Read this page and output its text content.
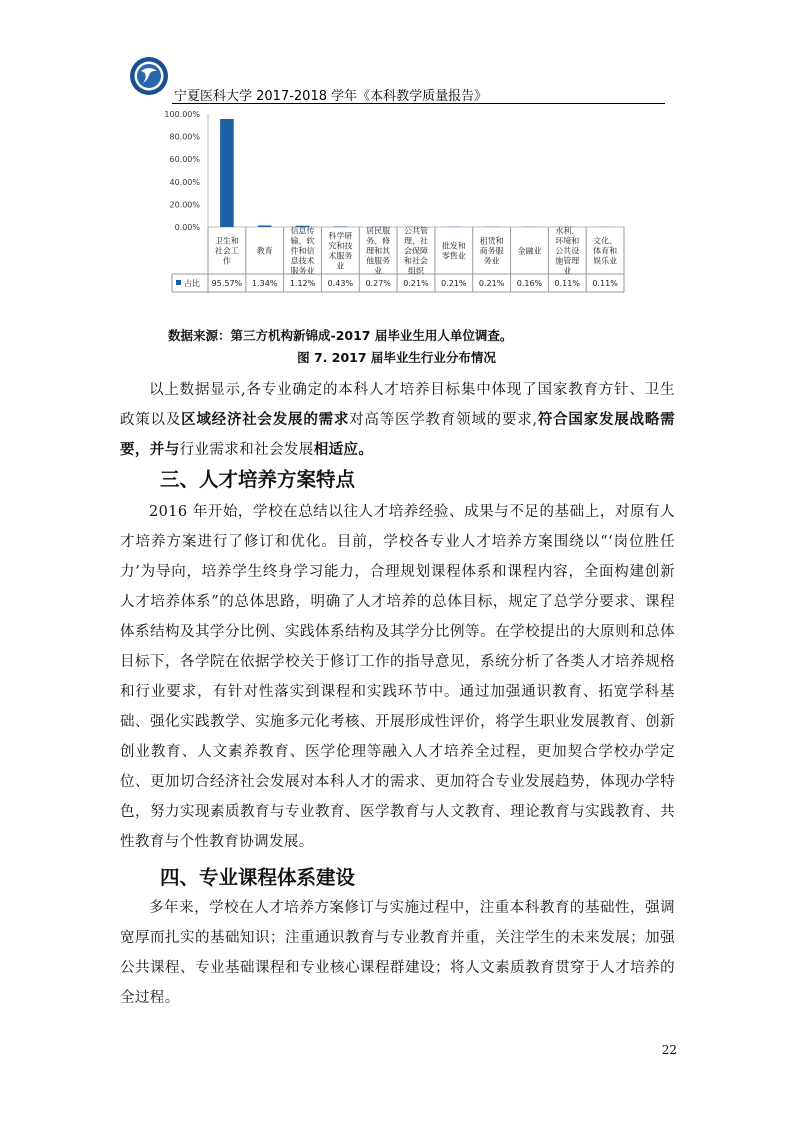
宁夏医科大学 2017-2018 学年《本科教学质量报告》
0.00%
20.00%
40.00%
60.00%
80.00%
100.00%
卫生和
社会工
作
教育
信息传
输、软
件和信
息技术
服务业
科学研
究和技
术服务
业
居民服
务、修
理和其
他服务
业
公共管
理、社
会保障
和社会
组织
批发和
零售业
租赁和
商务服
务业
金融业
水利、
环境和
公共设
施管理
业
文化、
体育和
娱乐业
占比 95.57% 1.34% 1.12% 0.43% 0.27% 0.21% 0.21% 0.21% 0.16% 0.11% 0.11%
数据来源：第三方机构新锦成-2017 届毕业生用人单位调查。
图 7. 2017 届毕业生行业分布情况

以上数据显示,各专业确定的本科人才培养目标集中体现了国家教育方针、卫生政策以及区域经济社会发展的需求对高等医学教育领域的要求,符合国家发展战略需要，并与行业需求和社会发展相适应。

三、人才培养方案特点

2016 年开始，学校在总结以往人才培养经验、成果与不足的基础上，对原有人才培养方案进行了修订和优化。目前，学校各专业人才培养方案围绕以“‘岗位胜任力’为导向，培养学生终身学习能力，合理规划课程体系和课程内容，全面构建创新人才培养体系”的总体思路，明确了人才培养的总体目标，规定了总学分要求、课程体系结构及其学分比例、实践体系结构及其学分比例等。在学校提出的大原则和总体目标下，各学院在依据学校关于修订工作的指导意见，系统分析了各类人才培养规格和行业要求，有针对性落实到课程和实践环节中。通过加强通识教育、拓宽学科基础、强化实践教学、实施多元化考核、开展形成性评价，将学生职业发展教育、创新创业教育、人文素养教育、医学伦理等融入人才培养全过程，更加契合学校办学定位、更加切合经济社会发展对本科人才的需求、更加符合专业发展趋势，体现办学特色，努力实现素质教育与专业教育、医学教育与人文教育、理论教育与实践教育、共性教育与个性教育协调发展。

四、专业课程体系建设

多年来，学校在人才培养方案修订与实施过程中，注重本科教育的基础性，强调宽厚而扎实的基础知识；注重通识教育与专业教育并重，关注学生的未来发展；加强公共课程、专业基础课程和专业核心课程群建设；将人文素质教育贯穿于人才培养的全过程。

22
